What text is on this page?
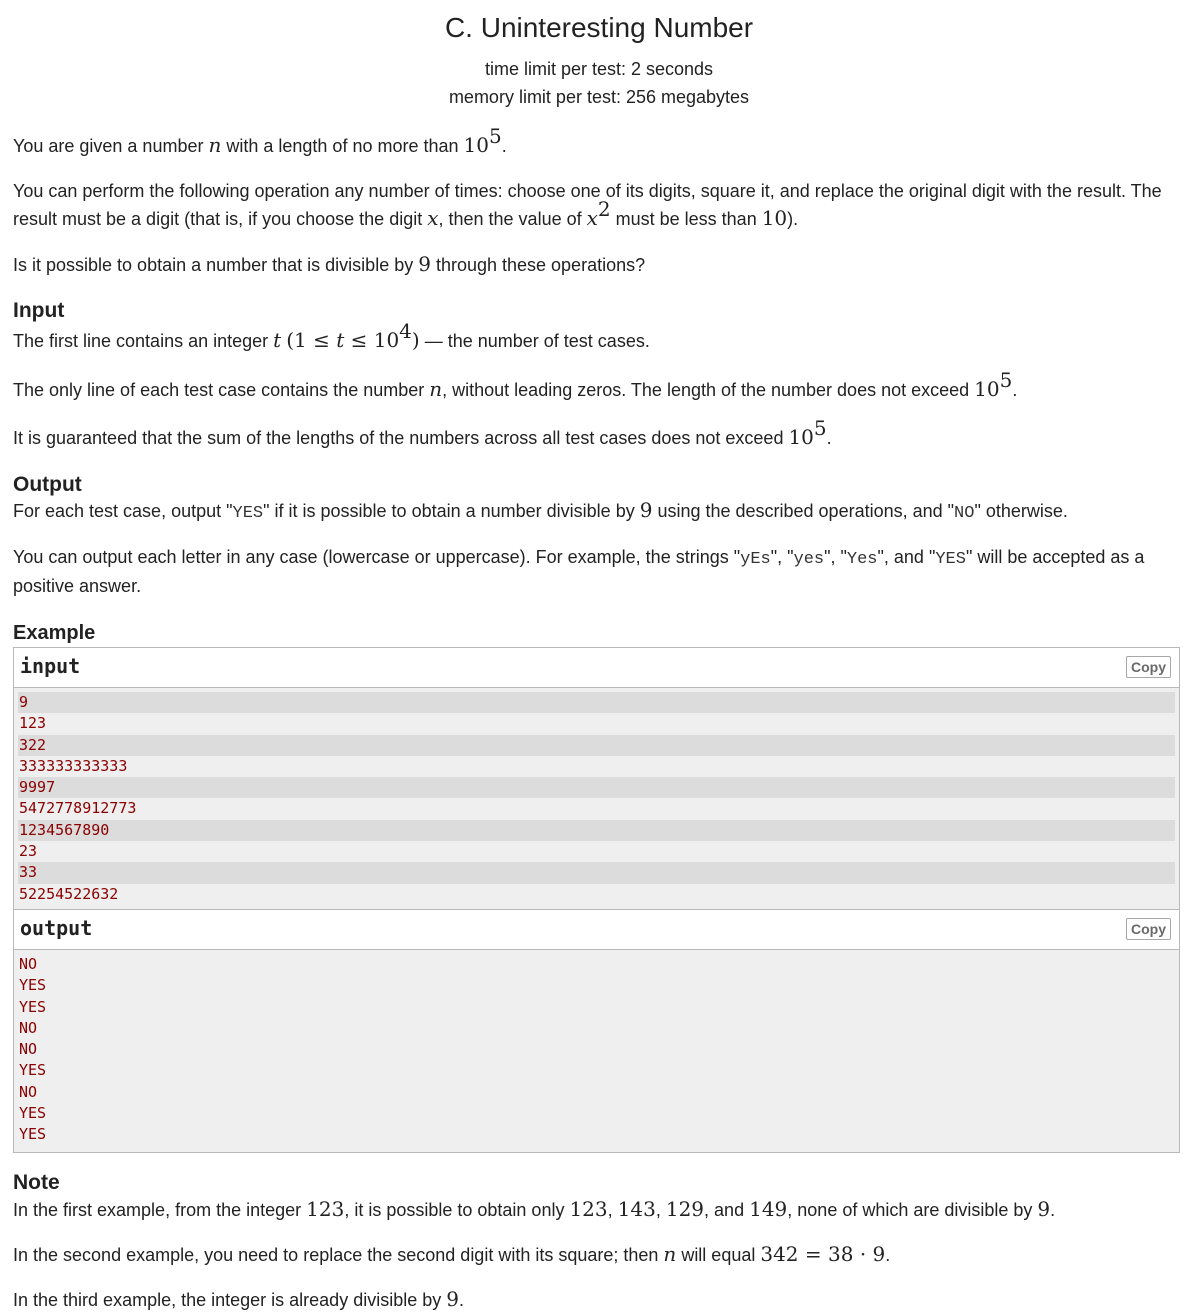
C. Uninteresting Number
time limit per test: 2 seconds
memory limit per test: 256 megabytes

You are given a number n with a length of no more than $10^5$.

You can perform the following operation any number of times: choose one of its digits, square it, and replace the original digit with the result. The result must be a digit (that is, if you choose the digit x, then the value of $x^2$ must be less than 10).

Is it possible to obtain a number that is divisible by 9 through these operations?

Input

The first line contains an integer t $(1 \le t \le 10^4)$ — the number of test cases.

The only line of each test case contains the number n, without leading zeros. The length of the number does not exceed $10^5$.

It is guaranteed that the sum of the lengths of the numbers across all test cases does not exceed $10^5$.

Output

For each test case, output "YES" if it is possible to obtain a number divisible by 9 using the described operations, and "NO" otherwise.

You can output each letter in any case (lowercase or uppercase). For example, the strings "yEs", "yes", "Yes", and "YES" will be accepted as a positive answer.

Example
input	Copy
9
123
322
333333333333
9997
5472778912773
1234567890
23
33
52254522632
output	Copy
NO
YES
YES
NO
NO
YES
NO
YES
YES
Note

In the first example, from the integer 123, it is possible to obtain only 123, 143, 129, and 149, none of which are divisible by 9.

In the second example, you need to replace the second digit with its square; then n will equal 342 = 38 · 9.

In the third example, the integer is already divisible by 9.
